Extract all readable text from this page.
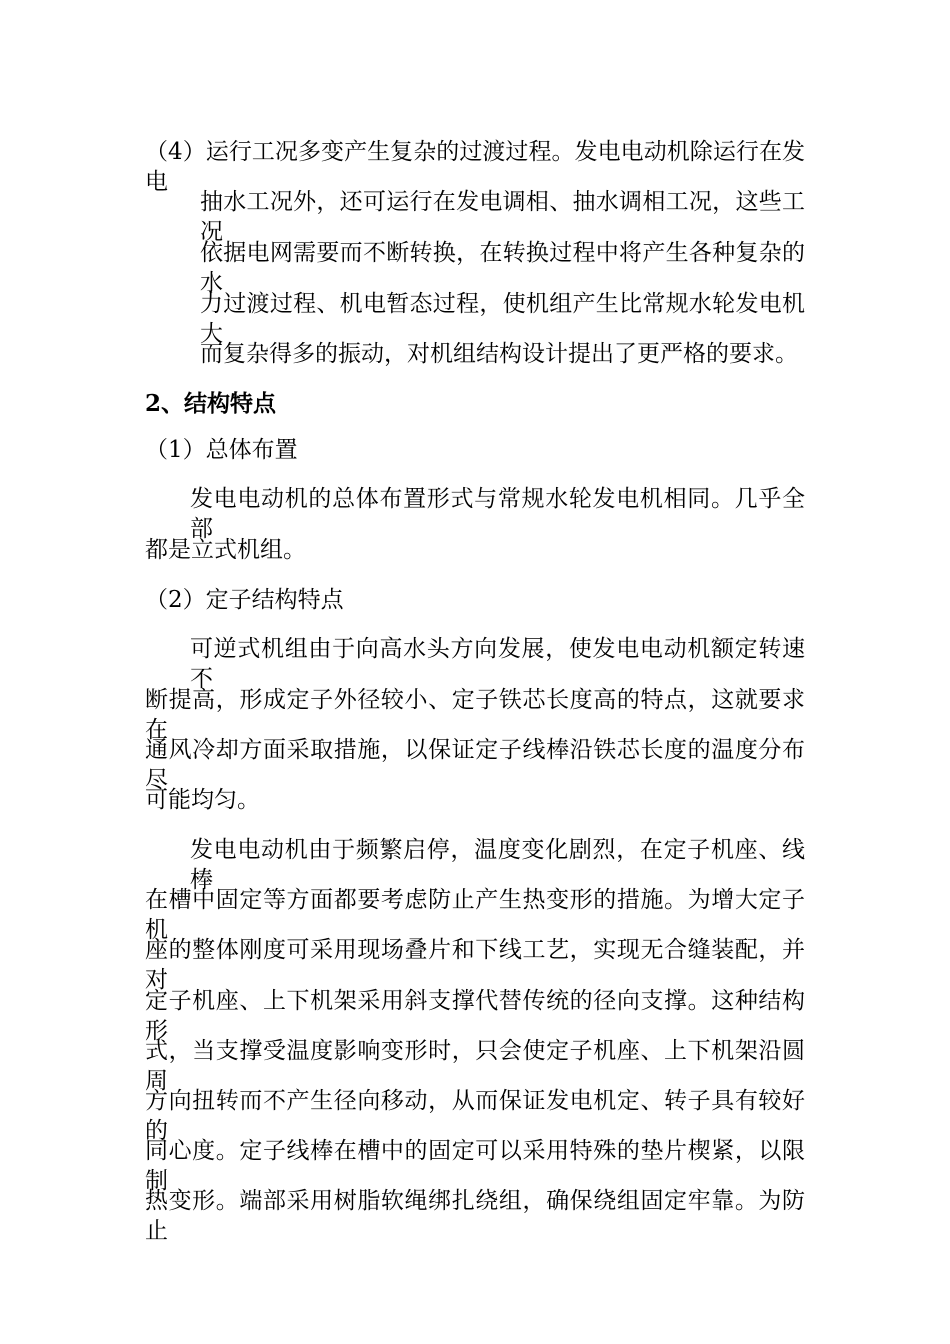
（4）运行工况多变产生复杂的过渡过程。发电电动机除运行在发电
抽水工况外，还可运行在发电调相、抽水调相工况，这些工况
依据电网需要而不断转换，在转换过程中将产生各种复杂的水
力过渡过程、机电暂态过程，使机组产生比常规水轮发电机大
而复杂得多的振动，对机组结构设计提出了更严格的要求。
2、结构特点
（1）总体布置
发电电动机的总体布置形式与常规水轮发电机相同。几乎全部
都是立式机组。
（2）定子结构特点
可逆式机组由于向高水头方向发展，使发电电动机额定转速不
断提高，形成定子外径较小、定子铁芯长度高的特点，这就要求在
通风冷却方面采取措施，以保证定子线棒沿铁芯长度的温度分布尽
可能均匀。
发电电动机由于频繁启停，温度变化剧烈，在定子机座、线棒
在槽中固定等方面都要考虑防止产生热变形的措施。为增大定子机
座的整体刚度可采用现场叠片和下线工艺，实现无合缝装配，并对
定子机座、上下机架采用斜支撑代替传统的径向支撑。这种结构形
式，当支撑受温度影响变形时，只会使定子机座、上下机架沿圆周
方向扭转而不产生径向移动，从而保证发电机定、转子具有较好的
同心度。定子线棒在槽中的固定可以采用特殊的垫片楔紧，以限制
热变形。端部采用树脂软绳绑扎绕组，确保绕组固定牢靠。为防止
